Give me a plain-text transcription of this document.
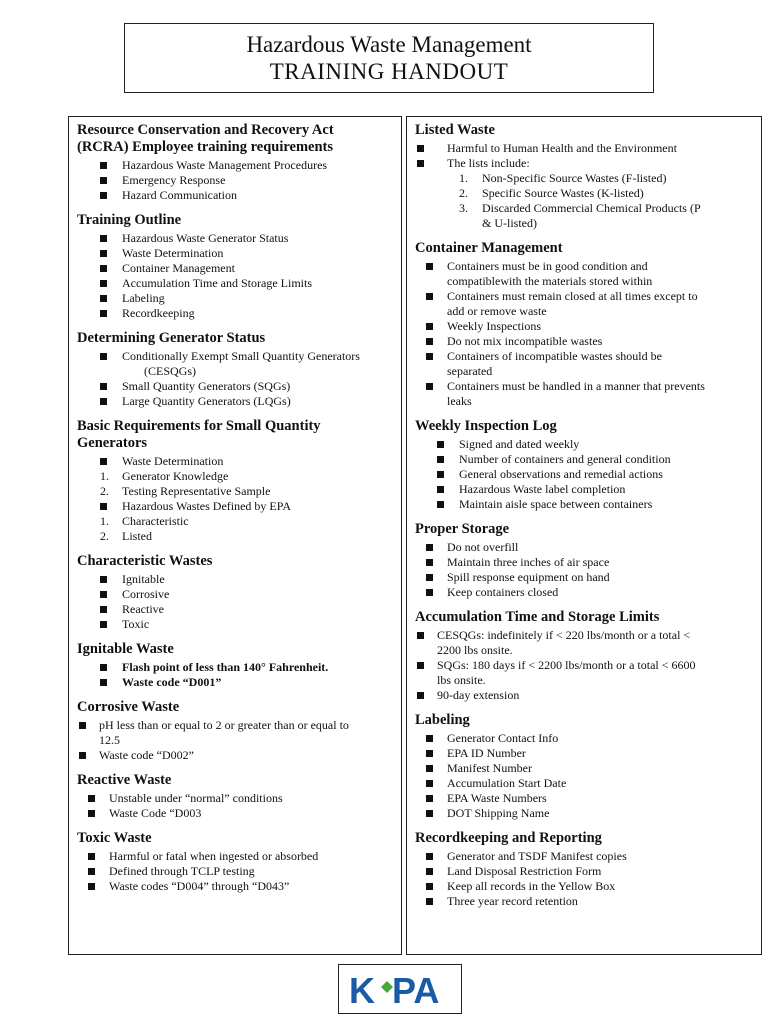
Hazardous Waste Management
TRAINING HANDOUT
Resource Conservation and Recovery Act
(RCRA) Employee training requirements
Hazardous Waste Management Procedures
Emergency Response
Hazard Communication
Training Outline
Hazardous Waste Generator Status
Waste Determination
Container Management
Accumulation Time and Storage Limits
Labeling
Recordkeeping
Determining Generator Status
Conditionally Exempt Small Quantity Generators
(CESQGs)
Small Quantity Generators (SQGs)
Large Quantity Generators (LQGs)
Basic Requirements for Small Quantity
Generators
Waste Determination
1. Generator Knowledge
2. Testing Representative Sample
Hazardous Wastes Defined by EPA
1. Characteristic
2. Listed
Characteristic Wastes
Ignitable
Corrosive
Reactive
Toxic
Ignitable Waste
Flash point of less than 140° Fahrenheit.
Waste code “D001”
Corrosive Waste
pH less than or equal to 2 or greater than or equal to
12.5
Waste code “D002”
Reactive Waste
Unstable under “normal” conditions
Waste Code “D003
Toxic Waste
Harmful or fatal when ingested or absorbed
Defined through TCLP testing
Waste codes “D004” through “D043”
Listed Waste
Harmful to Human Health and the Environment
The lists include:
1. Non-Specific Source Wastes (F-listed)
2. Specific Source Wastes (K-listed)
3. Discarded Commercial Chemical Products (P
& U-listed)
Container Management
Containers must be in good condition and
compatiblewith the materials stored within
Containers must remain closed at all times except to
add or remove waste
Weekly Inspections
Do not mix incompatible wastes
Containers of incompatible wastes should be
separated
Containers must be handled in a manner that prevents
leaks
Weekly Inspection Log
Signed and dated weekly
Number of containers and general condition
General observations and remedial actions
Hazardous Waste label completion
Maintain aisle space between containers
Proper Storage
Do not overfill
Maintain three inches of air space
Spill response equipment on hand
Keep containers closed
Accumulation Time and Storage Limits
CESQGs: indefinitely if < 220 lbs/month or a total <
2200 lbs onsite.
SQGs: 180 days if < 2200 lbs/month or a total < 6600
lbs onsite.
90-day extension
Labeling
Generator Contact Info
EPA ID Number
Manifest Number
Accumulation Start Date
EPA Waste Numbers
DOT Shipping Name
Recordkeeping and Reporting
Generator and TSDF Manifest copies
Land Disposal Restriction Form
Keep all records in the Yellow Box
Three year record retention
K PA
